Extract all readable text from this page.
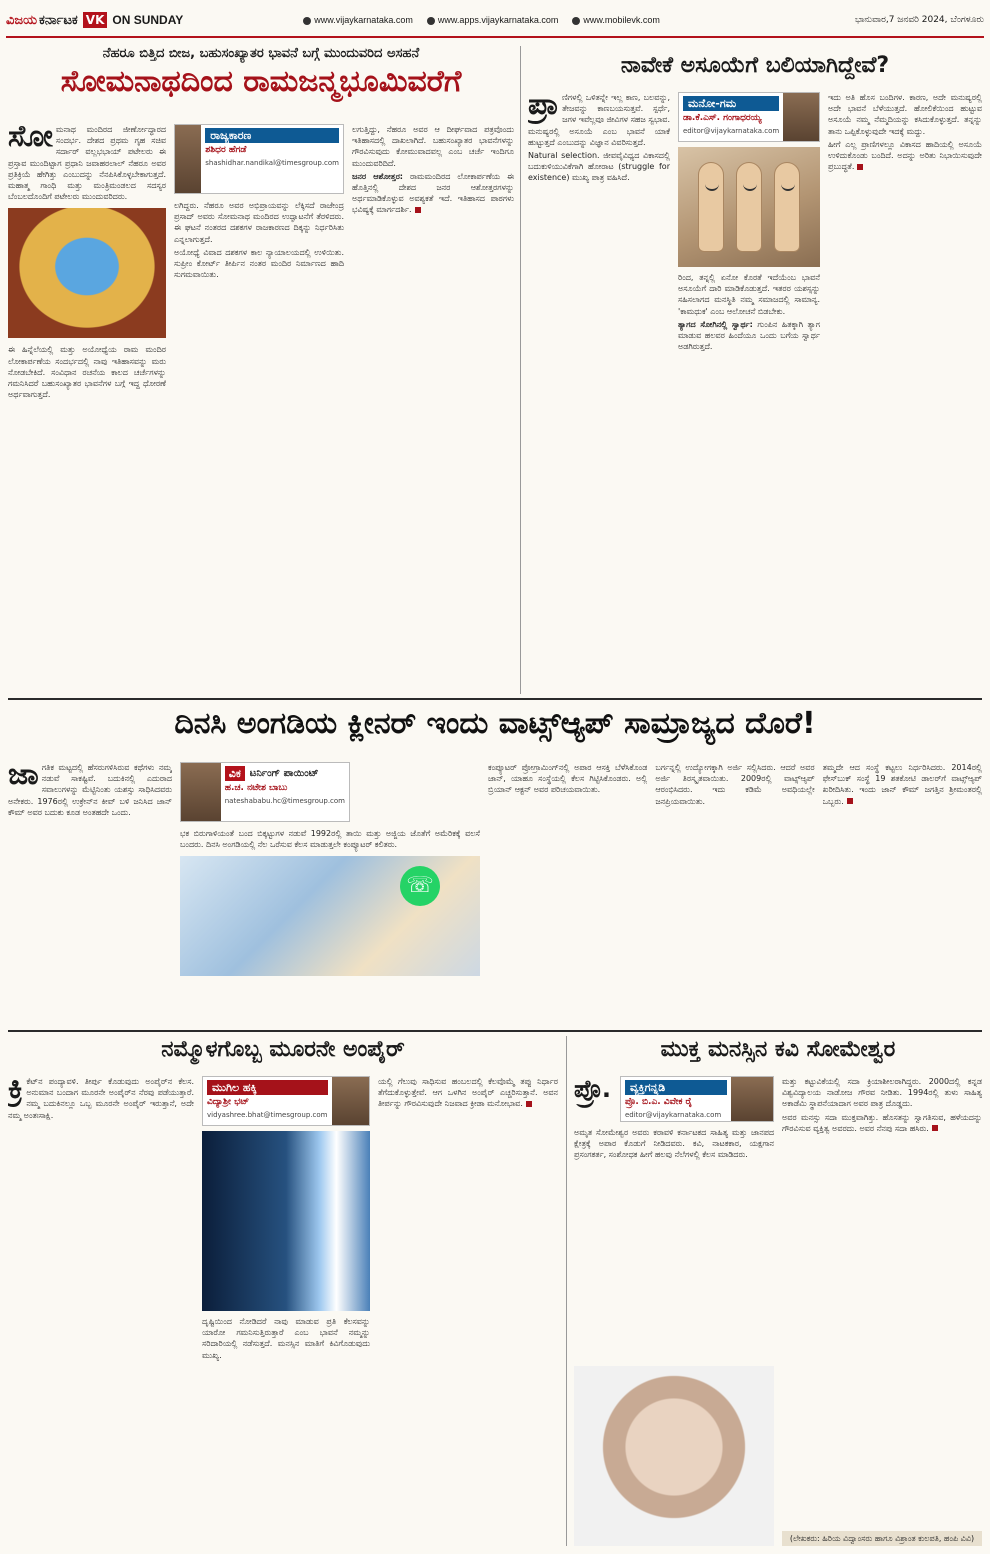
ವಿಜಯ ಕರ್ನಾಟಕ VK ON SUNDAY	www.vijaykarnataka.com	www.apps.vijaykarnataka.com	www.mobilevk.com	ಭಾನುವಾರ,7 ಜನವರಿ 2024, ಬೆಂಗಳೂರು
ನೆಹರೂ ಬಿತ್ತಿದ ಬೀಜ, ಬಹುಸಂಖ್ಯಾತರ ಭಾವನೆ ಬಗ್ಗೆ ಮುಂದುವರಿದ ಅಸಹನೆ
ಸೋಮನಾಥದಿಂದ ರಾಮಜನ್ಮಭೂಮಿವರೆಗೆ
ಸೋ ಮನಾಥ ಮಂದಿರದ ಜೀರ್ಣೋದ್ಧಾರದ ಸಂದರ್ಭ. ದೇಶದ ಪ್ರಥಮ ಗೃಹ ಸಚಿವ ಸರ್ದಾರ್ ವಲ್ಲಭಭಾಯ್ ಪಟೇಲರು ಈ ಪ್ರಸ್ತಾವ ಮುಂದಿಟ್ಟಾಗ ಪ್ರಧಾನಿ ಜವಾಹರಲಾಲ್ ನೆಹರೂ ಅವರ ಪ್ರತಿಕ್ರಿಯೆ ಹೇಗಿತ್ತು ಎಂಬುದನ್ನು ನೆನಪಿಸಿಕೊಳ್ಳಬೇಕಾಗುತ್ತದೆ. ಮಹಾತ್ಮ ಗಾಂಧಿ ಮತ್ತು ಮಂತ್ರಿಮಂಡಲದ ಸದಸ್ಯರ ಬೆಂಬಲದೊಂದಿಗೆ ಪಟೇಲರು ಮುಂದುವರಿದರು.

ಈ ಹಿನ್ನೆಲೆಯಲ್ಲಿ ಮತ್ತು ಅಯೋಧ್ಯೆಯ ರಾಮ ಮಂದಿರ ಲೋಕಾರ್ಪಣೆಯ ಸಂದರ್ಭದಲ್ಲಿ ನಾವು ಇತಿಹಾಸವನ್ನು ಮರು ನೋಡಬೇಕಿದೆ. ಸಂವಿಧಾನ ರಚನೆಯ ಕಾಲದ ಚರ್ಚೆಗಳನ್ನು ಗಮನಿಸಿದರೆ ಬಹುಸಂಖ್ಯಾತರ ಭಾವನೆಗಳ ಬಗ್ಗೆ ಇದ್ದ ಧೋರಣೆ ಅರ್ಥವಾಗುತ್ತದೆ.

ರಾಜ್ಯಕಾರಣ
ಶಶಿಧರ ಹೆಗಡೆ
shashidhar.nandikal@timesgroup.com

ಲಗಿದ್ದರು. ನೆಹರೂ ಅವರ ಅಭಿಪ್ರಾಯವನ್ನು ಲೆಕ್ಕಿಸದೆ ರಾಜೇಂದ್ರ ಪ್ರಸಾದ್ ಅವರು ಸೋಮನಾಥ ಮಂದಿರದ ಉದ್ಘಾಟನೆಗೆ ತೆರಳಿದರು. ಈ ಘಟನೆ ನಂತರದ ದಶಕಗಳ ರಾಜಕಾರಣದ ದಿಕ್ಕನ್ನು ನಿರ್ಧರಿಸಿತು ಎನ್ನಲಾಗುತ್ತದೆ.

ಅಯೋಧ್ಯೆ ವಿವಾದ ದಶಕಗಳ ಕಾಲ ನ್ಯಾಯಾಲಯದಲ್ಲಿ ಉಳಿಯಿತು. ಸುಪ್ರೀಂ ಕೋರ್ಟ್ ತೀರ್ಪಿನ ನಂತರ ಮಂದಿರ ನಿರ್ಮಾಣದ ಹಾದಿ ಸುಗಮವಾಯಿತು.

ಲಗುತ್ತಿದ್ದು, ನೆಹರೂ ಅವರ ಆ ದೀರ್ಘವಾದ ಪತ್ರವೊಂದು ಇತಿಹಾಸದಲ್ಲಿ ದಾಖಲಾಗಿದೆ. ಬಹುಸಂಖ್ಯಾತರ ಭಾವನೆಗಳನ್ನು ಗೌರವಿಸುವುದು ಕೋಮುವಾದವಲ್ಲ ಎಂಬ ಚರ್ಚೆ ಇಂದಿಗೂ ಮುಂದುವರಿದಿದೆ.

ಜನರ ಆಶೋತ್ತರ: ರಾಮಮಂದಿರದ ಲೋಕಾರ್ಪಣೆಯ ಈ ಹೊತ್ತಿನಲ್ಲಿ ದೇಶದ ಜನರ ಆಶೋತ್ತರಗಳನ್ನು ಅರ್ಥಮಾಡಿಕೊಳ್ಳುವ ಅವಶ್ಯಕತೆ ಇದೆ. ಇತಿಹಾಸದ ಪಾಠಗಳು ಭವಿಷ್ಯಕ್ಕೆ ಮಾರ್ಗದರ್ಶಿ.

ನಾವೇಕೆ ಅಸೂಯೆಗೆ ಬಲಿಯಾಗಿದ್ದೇವೆ?
ಪ್ರಾ ಣಿಗಳಲ್ಲಿ ಒಳಿತನ್ನೇ ಇಲ್ಲ ಕಾಣ, ಬಲವನ್ನು, ತೇಜವನ್ನು ಕಾಣಬಯಸುತ್ತವೆ. ಸ್ಪರ್ಧೆ, ಜಗಳ ಇವೆಲ್ಲವೂ ಜೀವಿಗಳ ಸಹಜ ಸ್ವಭಾವ. ಮನುಷ್ಯರಲ್ಲಿ ಅಸೂಯೆ ಎಂಬ ಭಾವನೆ ಯಾಕೆ ಹುಟ್ಟುತ್ತದೆ ಎಂಬುದನ್ನು ವಿಜ್ಞಾನ ವಿವರಿಸುತ್ತದೆ.

Natural selection. ಜೀವವೈವಿಧ್ಯದ ವಿಕಾಸದಲ್ಲಿ ಬದುಕುಳಿಯುವಿಕೆಗಾಗಿ ಹೋರಾಟ (struggle for existence) ಮುಖ್ಯ ಪಾತ್ರ ವಹಿಸಿದೆ.

ಮನೋ-ಗಮ
ಡಾ.ಕೆ.ಎಸ್. ಗಂಗಾಧರಯ್ಯ
editor@vijaykarnataka.com

ರಿಂದ, ತನ್ನಲ್ಲಿ ಏನೋ ಕೊರತೆ ಇದೆಯೆಂಬ ಭಾವನೆ ಅಸೂಯೆಗೆ ದಾರಿ ಮಾಡಿಕೊಡುತ್ತದೆ. ಇತರರ ಯಶಸ್ಸನ್ನು ಸಹಿಸಲಾಗದ ಮನಸ್ಥಿತಿ ನಮ್ಮ ಸಮಾಜದಲ್ಲಿ ಸಾಮಾನ್ಯ. 'ಕಾಮಧುಕ' ಎಂಬ ಆಲೋಚನೆ ಬಿಡಬೇಕು.

ತ್ಯಾಗದ ಸೋಗಿನಲ್ಲಿ ಸ್ವಾರ್ಥ: ಗುಂಪಿನ ಹಿತಕ್ಕಾಗಿ ತ್ಯಾಗ ಮಾಡುವ ಹಲವರ ಹಿಂದೆಯೂ ಒಂದು ಬಗೆಯ ಸ್ವಾರ್ಥ ಅಡಗಿರುತ್ತದೆ.

ಇದು ಅತಿ ಹೊಸ ಬಂದಿಗಳ. ಕಾರಣ, ಅದೇ ಮನುಷ್ಯರಲ್ಲಿ ಅದೇ ಭಾವನೆ ಬೆಳೆಯುತ್ತದೆ. ಹೋಲಿಕೆಯಿಂದ ಹುಟ್ಟುವ ಅಸೂಯೆ ನಮ್ಮ ನೆಮ್ಮದಿಯನ್ನು ಕಸಿದುಕೊಳ್ಳುತ್ತದೆ. ತನ್ನನ್ನು ತಾನು ಒಪ್ಪಿಕೊಳ್ಳುವುದೇ ಇದಕ್ಕೆ ಮದ್ದು.

ಹೀಗೆ ಎಲ್ಲ ಪ್ರಾಣಿಗಳಲ್ಲೂ ವಿಕಾಸದ ಹಾದಿಯಲ್ಲಿ ಅಸೂಯೆ ಉಳಿದುಕೊಂಡು ಬಂದಿದೆ. ಅದನ್ನು ಅರಿತು ನಿಭಾಯಿಸುವುದೇ ಪ್ರಬುದ್ಧತೆ.

ದಿನಸಿ ಅಂಗಡಿಯ ಕ್ಲೀನರ್ ಇಂದು ವಾಟ್ಸ್‌ಆ್ಯಪ್ ಸಾಮ್ರಾಜ್ಯದ ದೊರೆ!
ಜಾ ಗತಿಕ ಮಟ್ಟದಲ್ಲಿ ಹೆಸರುಗಳಿಸಿರುವ ಕಥೆಗಳು ನಮ್ಮ ನಡುವೆ ಸಾಕಷ್ಟಿವೆ. ಬದುಕಿನಲ್ಲಿ ಎದುರಾದ ಸವಾಲುಗಳನ್ನು ಮೆಟ್ಟಿನಿಂತು ಯಶಸ್ಸು ಸಾಧಿಸಿದವರು ಅನೇಕರು. 1976ರಲ್ಲಿ ಉಕ್ರೇನ್‌ನ ಕೀವ್ ಬಳಿ ಜನಿಸಿದ ಜಾನ್ ಕೌಮ್ ಅವರ ಬದುಕು ಕೂಡ ಅಂತಹದೇ ಒಂದು.

ವಿಕ ಟರ್ನಿಂಗ್ ಪಾಯಿಂಟ್
ಹ.ಚ. ನಟೇಶ ಬಾಬು
nateshababu.hc@timesgroup.com

ಭಕ ಬಿರುಗಾಳಿಯಂತೆ ಬಂದ ಬಿಕ್ಕಟ್ಟುಗಳ ನಡುವೆ 1992ರಲ್ಲಿ ತಾಯಿ ಮತ್ತು ಅಜ್ಜಿಯ ಜೊತೆಗೆ ಅಮೆರಿಕಕ್ಕೆ ವಲಸೆ ಬಂದರು. ದಿನಸಿ ಅಂಗಡಿಯಲ್ಲಿ ನೆಲ ಒರೆಸುವ ಕೆಲಸ ಮಾಡುತ್ತಲೇ ಕಂಪ್ಯೂಟರ್ ಕಲಿತರು.

☏

ಕಂಪ್ಯೂಟರ್ ಪ್ರೋಗ್ರಾಮಿಂಗ್‌ನಲ್ಲಿ ಅಪಾರ ಆಸಕ್ತಿ ಬೆಳೆಸಿಕೊಂಡ ಜಾನ್, ಯಾಹೂ ಸಂಸ್ಥೆಯಲ್ಲಿ ಕೆಲಸ ಗಿಟ್ಟಿಸಿಕೊಂಡರು. ಅಲ್ಲಿ ಬ್ರಿಯಾನ್ ಆಕ್ಟನ್ ಅವರ ಪರಿಚಯವಾಯಿತು.

ಬರ್ಗನ್ನಲ್ಲಿ ಉದ್ಯೋಗಕ್ಕಾಗಿ ಅರ್ಜಿ ಸಲ್ಲಿಸಿದರು. ಆದರೆ ಅವರ ಅರ್ಜಿ ತಿರಸ್ಕೃತವಾಯಿತು. 2009ರಲ್ಲಿ ವಾಟ್ಸ್‌ಆ್ಯಪ್ ಆರಂಭಿಸಿದರು. ಇದು ಕಡಿಮೆ ಅವಧಿಯಲ್ಲೇ ಜನಪ್ರಿಯವಾಯಿತು.

ತಮ್ಮದೇ ಆದ ಸಂಸ್ಥೆ ಕಟ್ಟಲು ನಿರ್ಧರಿಸಿದರು. 2014ರಲ್ಲಿ ಫೇಸ್‌ಬುಕ್ ಸಂಸ್ಥೆ 19 ಶತಕೋಟಿ ಡಾಲರ್‌ಗೆ ವಾಟ್ಸ್‌ಆ್ಯಪ್ ಖರೀದಿಸಿತು. ಇಂದು ಜಾನ್ ಕೌಮ್ ಜಗತ್ತಿನ ಶ್ರೀಮಂತರಲ್ಲಿ ಒಬ್ಬರು.

ನಮ್ಮೊಳಗೊಬ್ಬ ಮೂರನೇ ಅಂಪೈರ್
ಕ್ರಿ ಕೆಟ್‌ನ ಪಂದ್ಯಾವಳಿ. ತೀರ್ಪು ಕೊಡುವುದು ಅಂಪೈರ್‌ನ ಕೆಲಸ. ಅನುಮಾನ ಬಂದಾಗ ಮೂರನೇ ಅಂಪೈರ್‌ನ ನೆರವು ಪಡೆಯುತ್ತಾರೆ. ನಮ್ಮ ಬದುಕಿನಲ್ಲೂ ಒಬ್ಬ ಮೂರನೇ ಅಂಪೈರ್ ಇರುತ್ತಾನೆ, ಅದೇ ನಮ್ಮ ಅಂತಃಸಾಕ್ಷಿ.

ಮುಗಿಲ ಹಕ್ಕಿ
ವಿದ್ಯಾಶ್ರೀ ಭಟ್
vidyashree.bhat@timesgroup.com

ದೃಷ್ಟಿಯಿಂದ ನೋಡಿದರೆ ನಾವು ಮಾಡುವ ಪ್ರತಿ ಕೆಲಸವನ್ನು ಯಾರೋ ಗಮನಿಸುತ್ತಿರುತ್ತಾರೆ ಎಂಬ ಭಾವನೆ ನಮ್ಮನ್ನು ಸರಿದಾರಿಯಲ್ಲಿ ನಡೆಸುತ್ತದೆ. ಮನಸ್ಸಿನ ಮಾತಿಗೆ ಕಿವಿಗೊಡುವುದು ಮುಖ್ಯ.

ಯಲ್ಲಿ ಗೆಲುವು ಸಾಧಿಸುವ ಹಂಬಲದಲ್ಲಿ ಕೆಲವೊಮ್ಮೆ ತಪ್ಪು ನಿರ್ಧಾರ ತೆಗೆದುಕೊಳ್ಳುತ್ತೇವೆ. ಆಗ ಒಳಗಿನ ಅಂಪೈರ್ ಎಚ್ಚರಿಸುತ್ತಾನೆ. ಅವನ ತೀರ್ಪನ್ನು ಗೌರವಿಸುವುದೇ ನಿಜವಾದ ಕ್ರೀಡಾ ಮನೋಭಾವ.

ಮುಕ್ತ ಮನಸ್ಸಿನ ಕವಿ ಸೋಮೇಶ್ವರ
ಪ್ರೊ.	ವ್ಯಕ್ತಿಗನ್ನಡಿ
ಪ್ರೊ. ಬಿ.ಎ. ವಿವೇಕ ರೈ
editor@vijaykarnataka.com

ಅಮೃತ ಸೋಮೇಶ್ವರ ಅವರು ಕರಾವಳಿ ಕರ್ನಾಟಕದ ಸಾಹಿತ್ಯ ಮತ್ತು ಜಾನಪದ ಕ್ಷೇತ್ರಕ್ಕೆ ಅಪಾರ ಕೊಡುಗೆ ನೀಡಿದವರು. ಕವಿ, ನಾಟಕಕಾರ, ಯಕ್ಷಗಾನ ಪ್ರಸಂಗಕರ್ತ, ಸಂಶೋಧಕ ಹೀಗೆ ಹಲವು ನೆಲೆಗಳಲ್ಲಿ ಕೆಲಸ ಮಾಡಿದರು.

ಮತ್ತು ಕಟ್ಟುವಿಕೆಯಲ್ಲಿ ಸದಾ ಕ್ರಿಯಾಶೀಲರಾಗಿದ್ದರು. 2000ದಲ್ಲಿ ಕನ್ನಡ ವಿಶ್ವವಿದ್ಯಾಲಯ ನಾಡೋಜ ಗೌರವ ನೀಡಿತು. 1994ರಲ್ಲಿ ತುಳು ಸಾಹಿತ್ಯ ಅಕಾಡೆಮಿ ಸ್ಥಾಪನೆಯಾದಾಗ ಅವರ ಪಾತ್ರ ದೊಡ್ಡದು.

ಅವರ ಮನಸ್ಸು ಸದಾ ಮುಕ್ತವಾಗಿತ್ತು. ಹೊಸತನ್ನು ಸ್ವಾಗತಿಸುವ, ಹಳೆಯದನ್ನು ಗೌರವಿಸುವ ವ್ಯಕ್ತಿತ್ವ ಅವರದು. ಅವರ ನೆನಪು ಸದಾ ಹಸಿರು.

(ಲೇಖಕರು: ಹಿರಿಯ ವಿದ್ವಾಂಸರು ಹಾಗೂ ವಿಶ್ರಾಂತ ಕುಲಪತಿ, ಹಂಪಿ ವಿವಿ)
